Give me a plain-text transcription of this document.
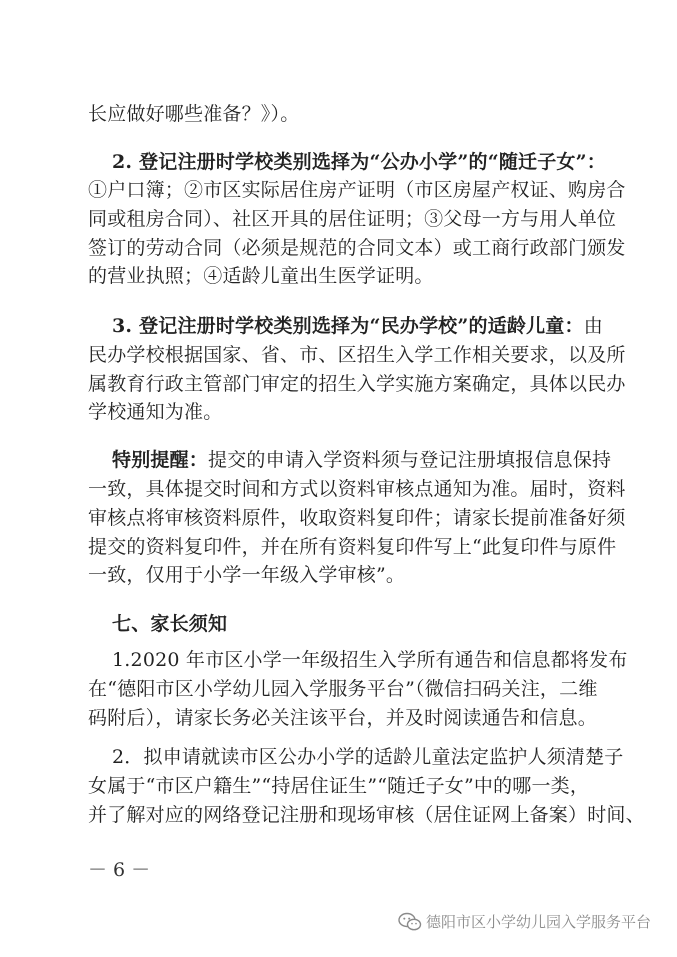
长应做好哪些准备？》）。
2. 登记注册时学校类别选择为“公办小学”的“随迁子女”：
①户口簿；②市区实际居住房产证明（市区房屋产权证、购房合
同或租房合同）、社区开具的居住证明；③父母一方与用人单位
签订的劳动合同（必须是规范的合同文本）或工商行政部门颁发
的营业执照；④适龄儿童出生医学证明。
3. 登记注册时学校类别选择为“民办学校”的适龄儿童：由
民办学校根据国家、省、市、区招生入学工作相关要求，以及所
属教育行政主管部门审定的招生入学实施方案确定，具体以民办
学校通知为准。
特别提醒：提交的申请入学资料须与登记注册填报信息保持
一致，具体提交时间和方式以资料审核点通知为准。届时，资料
审核点将审核资料原件，收取资料复印件；请家长提前准备好须
提交的资料复印件，并在所有资料复印件写上“此复印件与原件
一致，仅用于小学一年级入学审核”。
七、家长须知
1.2020 年市区小学一年级招生入学所有通告和信息都将发布
在“德阳市区小学幼儿园入学服务平台”（微信扫码关注，二维
码附后），请家长务必关注该平台，并及时阅读通告和信息。
2．拟申请就读市区公办小学的适龄儿童法定监护人须清楚子
女属于“市区户籍生”“持居住证生”“随迁子女”中的哪一类，
并了解对应的网络登记注册和现场审核（居住证网上备案）时间、
－ 6 －
德阳市区小学幼儿园入学服务平台
